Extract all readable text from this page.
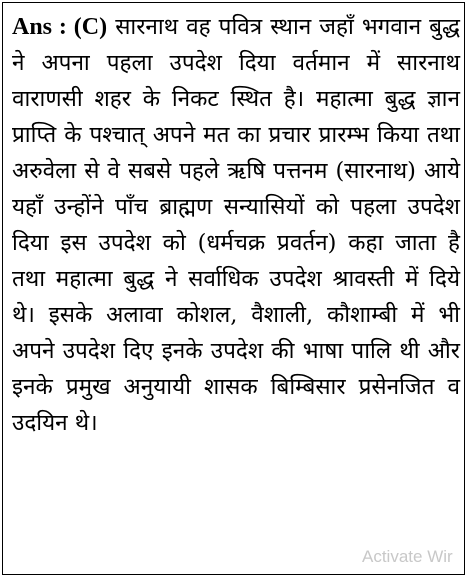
Ans : (C) सारनाथ वह पवित्र स्थान जहाँ भगवान बुद्ध ने अपना पहला उपदेश दिया वर्तमान में सारनाथ वाराणसी शहर के निकट स्थित है। महात्मा बुद्ध ज्ञान प्राप्ति के पश्चात् अपने मत का प्रचार प्रारम्भ किया तथा अरुवेला से वे सबसे पहले ऋषि पत्तनम (सारनाथ) आये यहाँ उन्होंने पाँच ब्राह्मण सन्यासियों को पहला उपदेश दिया इस उपदेश को (धर्मचक्र प्रवर्तन) कहा जाता है तथा महात्मा बुद्ध ने सर्वाधिक उपदेश श्रावस्ती में दिये थे। इसके अलावा कोशल, वैशाली, कौशाम्बी में भी अपने उपदेश दिए इनके उपदेश की भाषा पालि थी और इनके प्रमुख अनुयायी शासक बिम्बिसार प्रसेनजित व उदयिन थे।

Activate Wir
